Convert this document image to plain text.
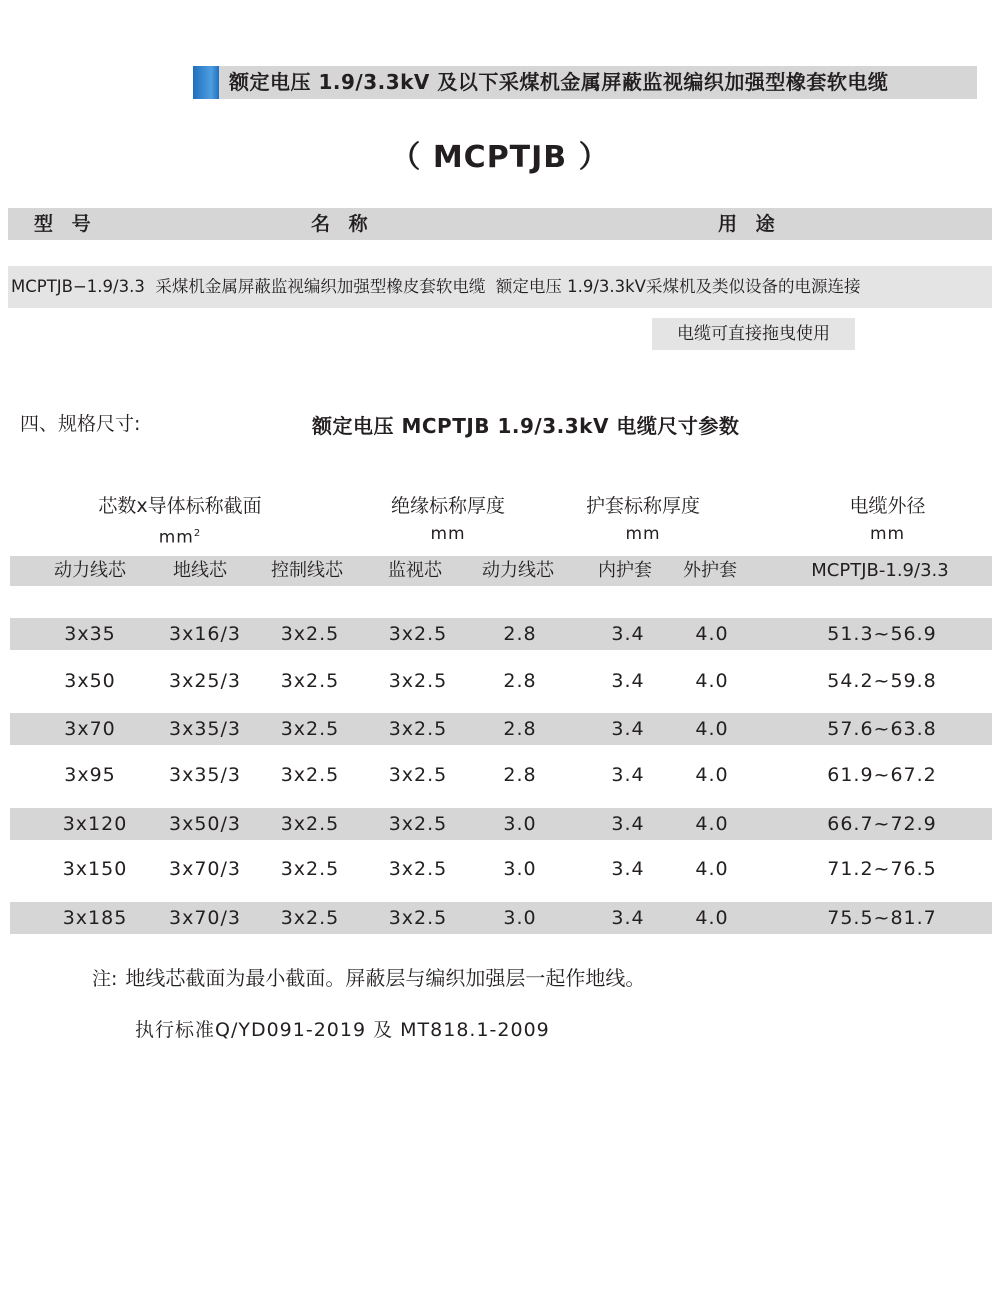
额定电压 1.9/3.3kV 及以下采煤机金属屏蔽监视编织加强型橡套软电缆
（ MCPTJB ）
型 号	名 称	用 途
MCPTJB−1.9/3.3 采煤机金属屏蔽监视编织加强型橡皮套软电缆 额定电压 1.9/3.3kV采煤机及类似设备的电源连接
电缆可直接拖曳使用
四、规格尺寸:	额定电压 MCPTJB 1.9/3.3kV 电缆尺寸参数
芯数x导体标称截面
$mm^2$
绝缘标称厚度
mm
护套标称厚度
mm
电缆外径
mm
动力线芯	地线芯	控制线芯	监视芯	动力线芯	内护套	外护套	MCPTJB-1.9/3.3
3x35	3x16/3	3x2.5	3x2.5	2.8	3.4	4.0	51.3~56.9
3x50	3x25/3	3x2.5	3x2.5	2.8	3.4	4.0	54.2~59.8
3x70	3x35/3	3x2.5	3x2.5	2.8	3.4	4.0	57.6~63.8
3x95	3x35/3	3x2.5	3x2.5	2.8	3.4	4.0	61.9~67.2
3x120	3x50/3	3x2.5	3x2.5	3.0	3.4	4.0	66.7~72.9
3x150	3x70/3	3x2.5	3x2.5	3.0	3.4	4.0	71.2~76.5
3x185	3x70/3	3x2.5	3x2.5	3.0	3.4	4.0	75.5~81.7
注: 地线芯截面为最小截面。屏蔽层与编织加强层一起作地线。
执行标准Q/YD091-2019 及 MT818.1-2009
